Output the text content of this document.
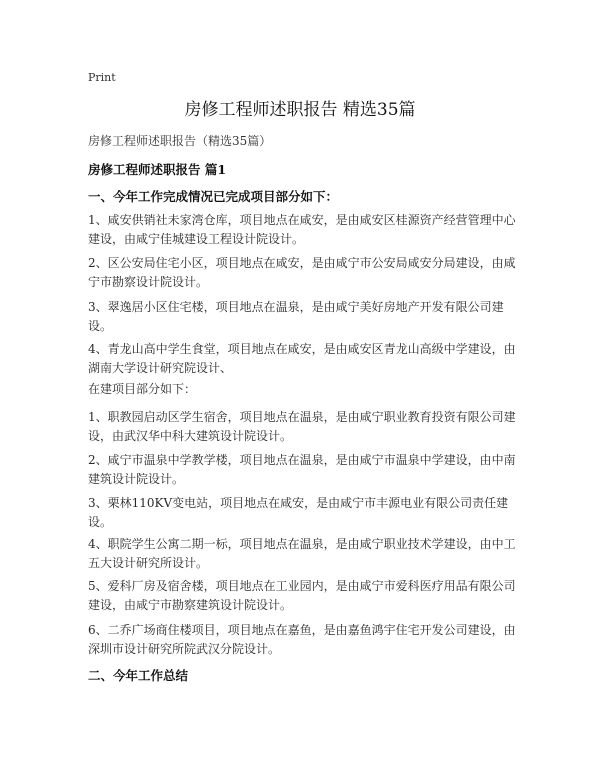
Print
房修工程师述职报告 精选35篇
房修工程师述职报告（精选35篇）
房修工程师述职报告 篇1
一、今年工作完成情况已完成项目部分如下：
1、咸安供销社未家湾仓库，项目地点在咸安，是由咸安区桂源资产经营管理中心建设，由咸宁佳城建设工程设计院设计。
2、区公安局住宅小区，项目地点在咸安，是由咸宁市公安局咸安分局建设，由咸宁市勘察设计院设计。
3、翠逸居小区住宅楼，项目地点在温泉，是由咸宁美好房地产开发有限公司建设。
4、青龙山高中学生食堂，项目地点在咸安，是由咸安区青龙山高级中学建设，由湖南大学设计研究院设计、
在建项目部分如下：
1、职教园启动区学生宿舍，项目地点在温泉，是由咸宁职业教育投资有限公司建设，由武汉华中科大建筑设计院设计。
2、咸宁市温泉中学教学楼，项目地点在温泉，是由咸宁市温泉中学建设，由中南建筑设计院设计。
3、栗林110KV变电站，项目地点在咸安，是由咸宁市丰源电业有限公司责任建设。
4、职院学生公寓二期一标，项目地点在温泉，是由咸宁职业技术学建设，由中工五大设计研究所设计。
5、爱科厂房及宿舍楼，项目地点在工业园内，是由咸宁市爱科医疗用品有限公司建设，由咸宁市勘察建筑设计院设计。
6、二乔广场商住楼项目，项目地点在嘉鱼，是由嘉鱼鸿宇住宅开发公司建设，由深圳市设计研究所院武汉分院设计。
二、今年工作总结
